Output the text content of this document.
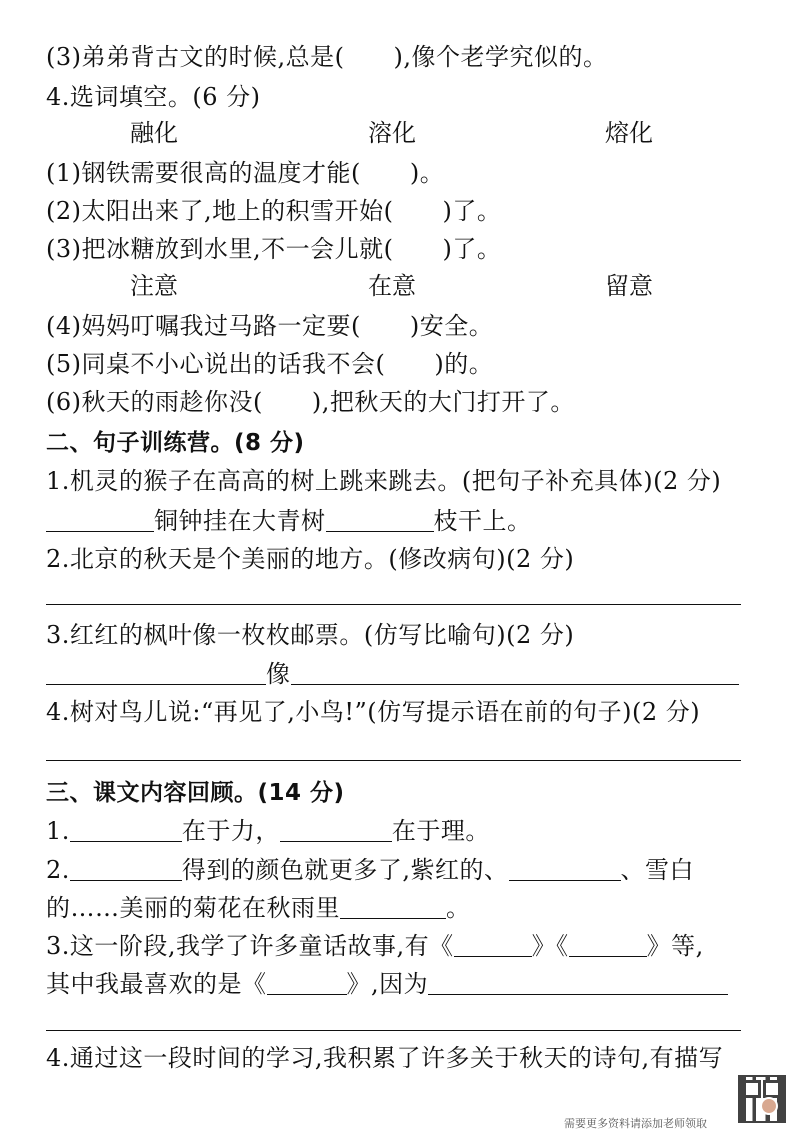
(3)弟弟背古文的时候,总是(　　),像个老学究似的。
4.选词填空。(6 分)
融化	溶化	熔化
(1)钢铁需要很高的温度才能(　　)。
(2)太阳出来了,地上的积雪开始(　　)了。
(3)把冰糖放到水里,不一会儿就(　　)了。
注意	在意	留意
(4)妈妈叮嘱我过马路一定要(　　)安全。
(5)同桌不小心说出的话我不会(　　)的。
(6)秋天的雨趁你没(　　),把秋天的大门打开了。
二、句子训练营。(8 分)
1.机灵的猴子在高高的树上跳来跳去。(把句子补充具体)(2 分)
铜钟挂在大青树	枝干上。
2.北京的秋天是个美丽的地方。(修改病句)(2 分)
3.红红的枫叶像一枚枚邮票。(仿写比喻句)(2 分)
像
4.树对鸟儿说:“再见了,小鸟!”(仿写提示语在前的句子)(2 分)
三、课文内容回顾。(14 分)
1.	在于力，	在于理。
2.	得到的颜色就更多了,紫红的、	、雪白
的……美丽的菊花在秋雨里	。
3.这一阶段,我学了许多童话故事,有《	》《	》等,
其中我最喜欢的是《	》,因为
4.通过这一段时间的学习,我积累了许多关于秋天的诗句,有描写
需要更多资料请添加老师领取
